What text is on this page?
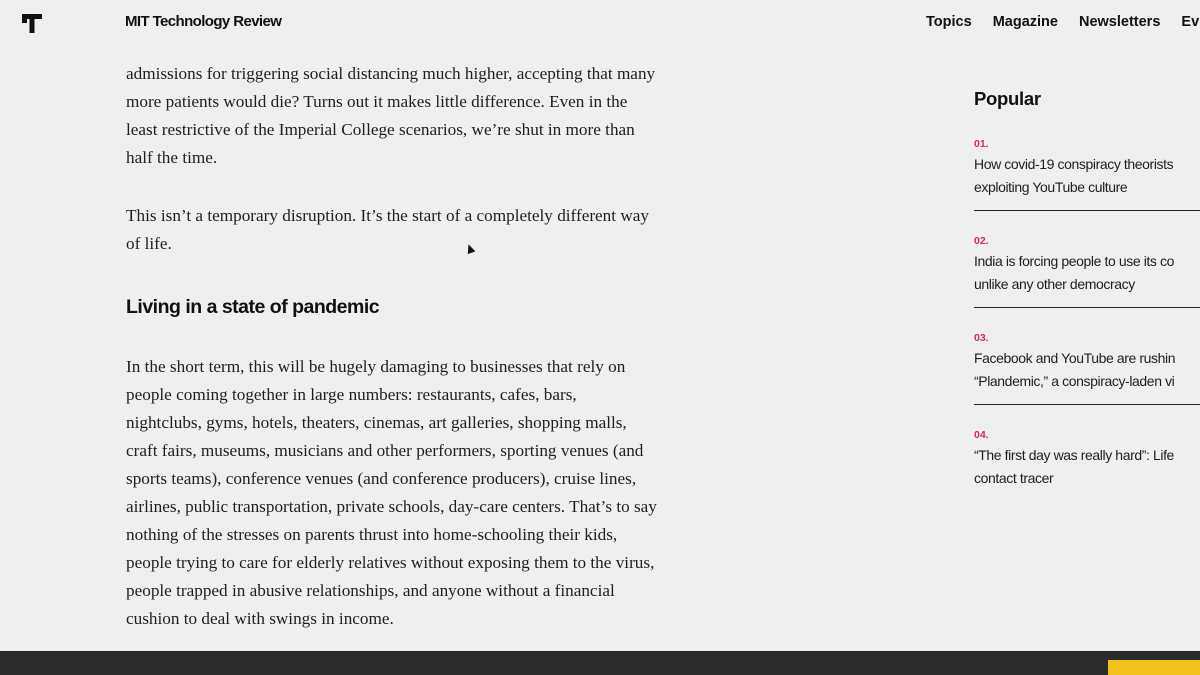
MIT Technology Review	Topics Magazine Newsletters Ev

admissions for triggering social distancing much higher, accepting that many
more patients would die? Turns out it makes little difference. Even in the
least restrictive of the Imperial College scenarios, we’re shut in more than
half the time.

This isn’t a temporary disruption. It’s the start of a completely different way
of life.

Living in a state of pandemic

In the short term, this will be hugely damaging to businesses that rely on
people coming together in large numbers: restaurants, cafes, bars,
nightclubs, gyms, hotels, theaters, cinemas, art galleries, shopping malls,
craft fairs, museums, musicians and other performers, sporting venues (and
sports teams), conference venues (and conference producers), cruise lines,
airlines, public transportation, private schools, day-care centers. That’s to say
nothing of the stresses on parents thrust into home-schooling their kids,
people trying to care for elderly relatives without exposing them to the virus,
people trapped in abusive relationships, and anyone without a financial
cushion to deal with swings in income.

Popular
01.
How covid-19 conspiracy theorists
exploiting YouTube culture
02.
India is forcing people to use its co
unlike any other democracy
03.
Facebook and YouTube are rushin
“Plandemic,” a conspiracy-laden vi
04.
“The first day was really hard”: Life
contact tracer
